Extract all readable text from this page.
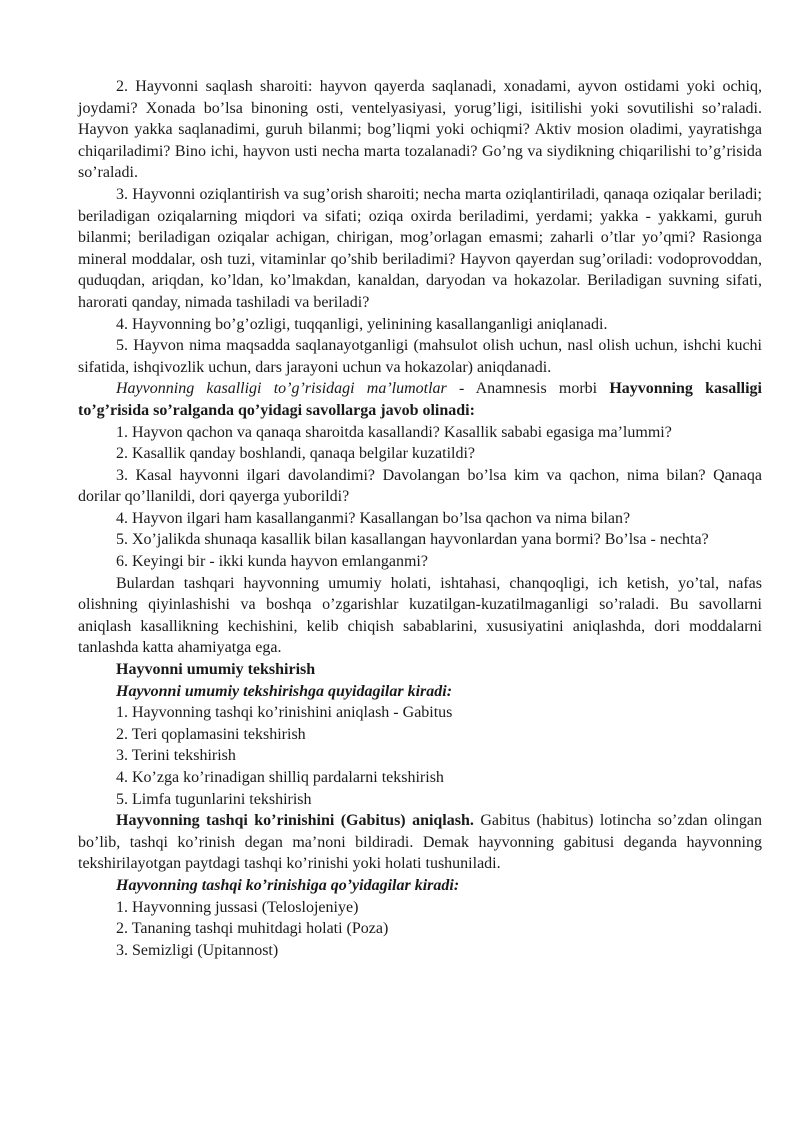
2. Hayvonni saqlash sharoiti: hayvon qayerda saqlanadi, xonadami, ayvon ostidami yoki ochiq, joydami? Xonada bo’lsa binoning osti, ventelyasiyasi, yorug’ligi, isitilishi yoki sovutilishi so’raladi. Hayvon yakka saqlanadimi, guruh bilanmi; bog’liqmi yoki ochiqmi? Aktiv mosion oladimi, yayratishga chiqariladimi? Bino ichi, hayvon usti necha marta tozalanadi? Go’ng va siydikning chiqarilishi to’g’risida so’raladi.

3. Hayvonni oziqlantirish va sug’orish sharoiti; necha marta oziqlantiriladi, qanaqa oziqalar beriladi; beriladigan oziqalarning miqdori va sifati; oziqa oxirda beriladimi, yerdami; yakka - yakkami, guruh bilanmi; beriladigan oziqalar achigan, chirigan, mog’orlagan emasmi; zaharli o’tlar yo’qmi? Rasionga mineral moddalar, osh tuzi, vitaminlar qo’shib beriladimi? Hayvon qayerdan sug’oriladi: vodoprovoddan, quduqdan, ariqdan, ko’ldan, ko’lmakdan, kanaldan, daryodan va hokazolar. Beriladigan suvning sifati, harorati qanday, nimada tashiladi va beriladi?

4. Hayvonning bo’g’ozligi, tuqqanligi, yelinining kasallanganligi aniqlanadi.

5. Hayvon nima maqsadda saqlanayotganligi (mahsulot olish uchun, nasl olish uchun, ishchi kuchi sifatida, ishqivozlik uchun, dars jarayoni uchun va hokazolar) aniqdanadi.

Hayvonning kasalligi to’g’risidagi ma’lumotlar - Anamnesis morbi Hayvonning kasalligi to’g’risida so’ralganda qo’yidagi savollarga javob olinadi:

1. Hayvon qachon va qanaqa sharoitda kasallandi? Kasallik sababi egasiga ma’lummi?

2. Kasallik qanday boshlandi, qanaqa belgilar kuzatildi?

3. Kasal hayvonni ilgari davolandimi? Davolangan bo’lsa kim va qachon, nima bilan? Qanaqa dorilar qo’llanildi, dori qayerga yuborildi?

4. Hayvon ilgari ham kasallanganmi? Kasallangan bo’lsa qachon va nima bilan?

5. Xo’jalikda shunaqa kasallik bilan kasallangan hayvonlardan yana bormi? Bo’lsa - nechta?

6. Keyingi bir - ikki kunda hayvon emlanganmi?

Bulardan tashqari hayvonning umumiy holati, ishtahasi, chanqoqligi, ich ketish, yo’tal, nafas olishning qiyinlashishi va boshqa o’zgarishlar kuzatilgan-kuzatilmaganligi so’raladi. Bu savollarni aniqlash kasallikning kechishini, kelib chiqish sabablarini, xususiyatini aniqlashda, dori moddalarni tanlashda katta ahamiyatga ega.

Hayvonni umumiy tekshirish

Hayvonni umumiy tekshirishga quyidagilar kiradi:

1. Hayvonning tashqi ko’rinishini aniqlash - Gabitus

2. Teri qoplamasini tekshirish

3. Terini tekshirish

4. Ko’zga ko’rinadigan shilliq pardalarni tekshirish

5. Limfa tugunlarini tekshirish

Hayvonning tashqi ko’rinishini (Gabitus) aniqlash. Gabitus (habitus) lotincha so’zdan olingan bo’lib, tashqi ko’rinish degan ma’noni bildiradi. Demak hayvonning gabitusi deganda hayvonning tekshirilayotgan paytdagi tashqi ko’rinishi yoki holati tushuniladi.

Hayvonning tashqi ko’rinishiga qo’yidagilar kiradi:

1. Hayvonning jussasi (Teloslojeniye)

2. Tananing tashqi muhitdagi holati (Poza)

3. Semizligi (Upitannost)
